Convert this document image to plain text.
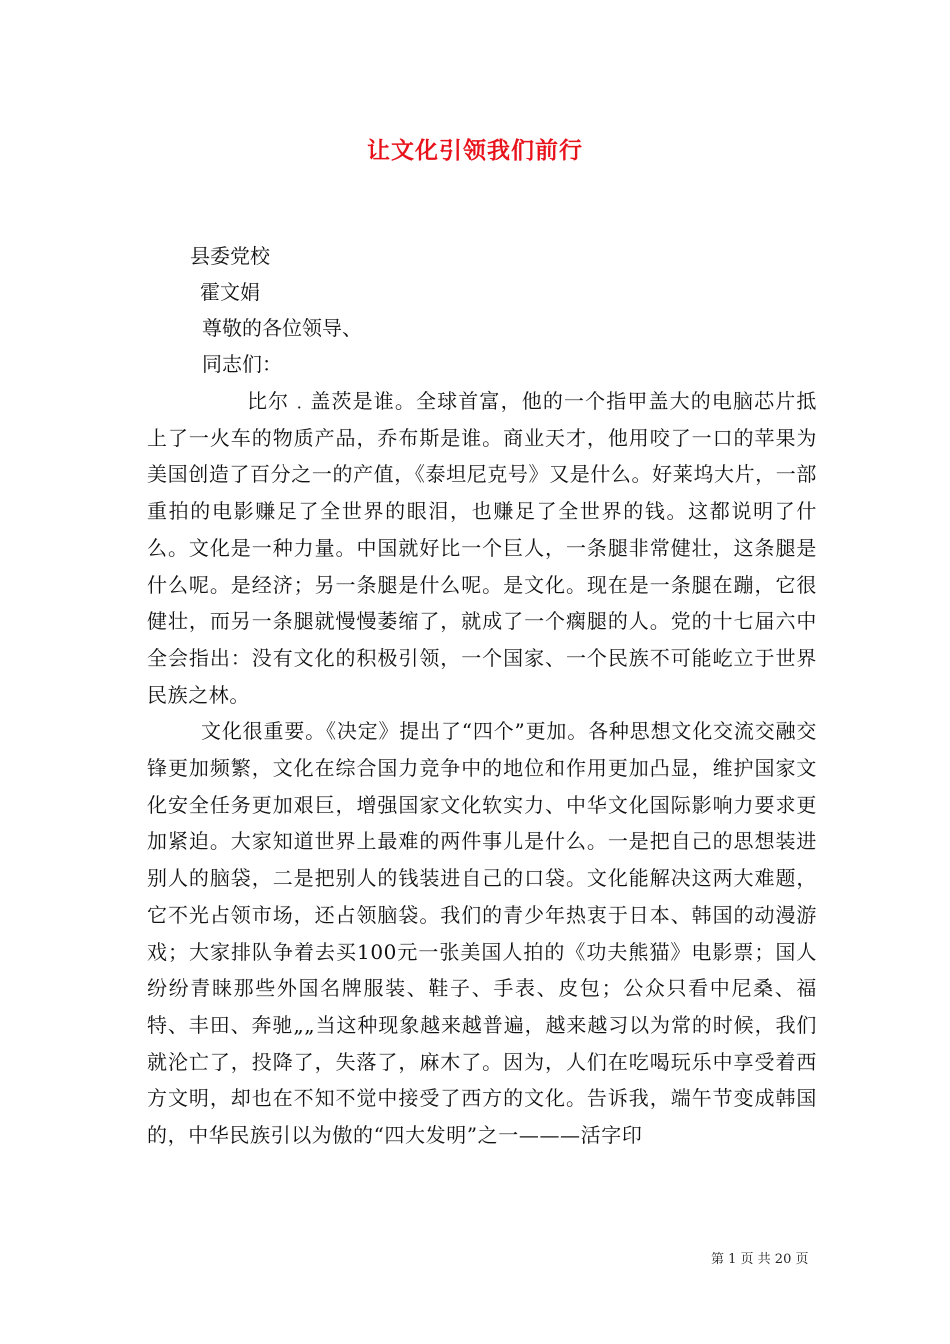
让文化引领我们前行
县委党校
霍文娟
尊敬的各位领导、
同志们：

比尔﹒盖茨是谁。全球首富，他的一个指甲盖大的电脑芯片抵上了一火车的物质产品，乔布斯是谁。商业天才，他用咬了一口的苹果为美国创造了百分之一的产值，《泰坦尼克号》又是什么。好莱坞大片，一部重拍的电影赚足了全世界的眼泪，也赚足了全世界的钱。这都说明了什么。文化是一种力量。中国就好比一个巨人，一条腿非常健壮，这条腿是什么呢。是经济；另一条腿是什么呢。是文化。现在是一条腿在蹦，它很健壮，而另一条腿就慢慢萎缩了，就成了一个瘸腿的人。党的十七届六中全会指出：没有文化的积极引领，一个国家、一个民族不可能屹立于世界民族之林。

文化很重要。《决定》提出了“四个”更加。各种思想文化交流交融交锋更加频繁，文化在综合国力竞争中的地位和作用更加凸显，维护国家文化安全任务更加艰巨，增强国家文化软实力、中华文化国际影响力要求更加紧迫。大家知道世界上最难的两件事儿是什么。一是把自己的思想装进别人的脑袋，二是把别人的钱装进自己的口袋。文化能解决这两大难题，它不光占领市场，还占领脑袋。我们的青少年热衷于日本、韩国的动漫游戏；大家排队争着去买100元一张美国人拍的《功夫熊猫》电影票；国人纷纷青睐那些外国名牌服装、鞋子、手表、皮包；公众只看中尼桑、福特、丰田、奔驰„„当这种现象越来越普遍，越来越习以为常的时候，我们就沦亡了，投降了，失落了，麻木了。因为，人们在吃喝玩乐中享受着西方文明，却也在不知不觉中接受了西方的文化。告诉我，端午节变成韩国的，中华民族引以为傲的“四大发明”之一———活字印

第 1 页 共 20 页
